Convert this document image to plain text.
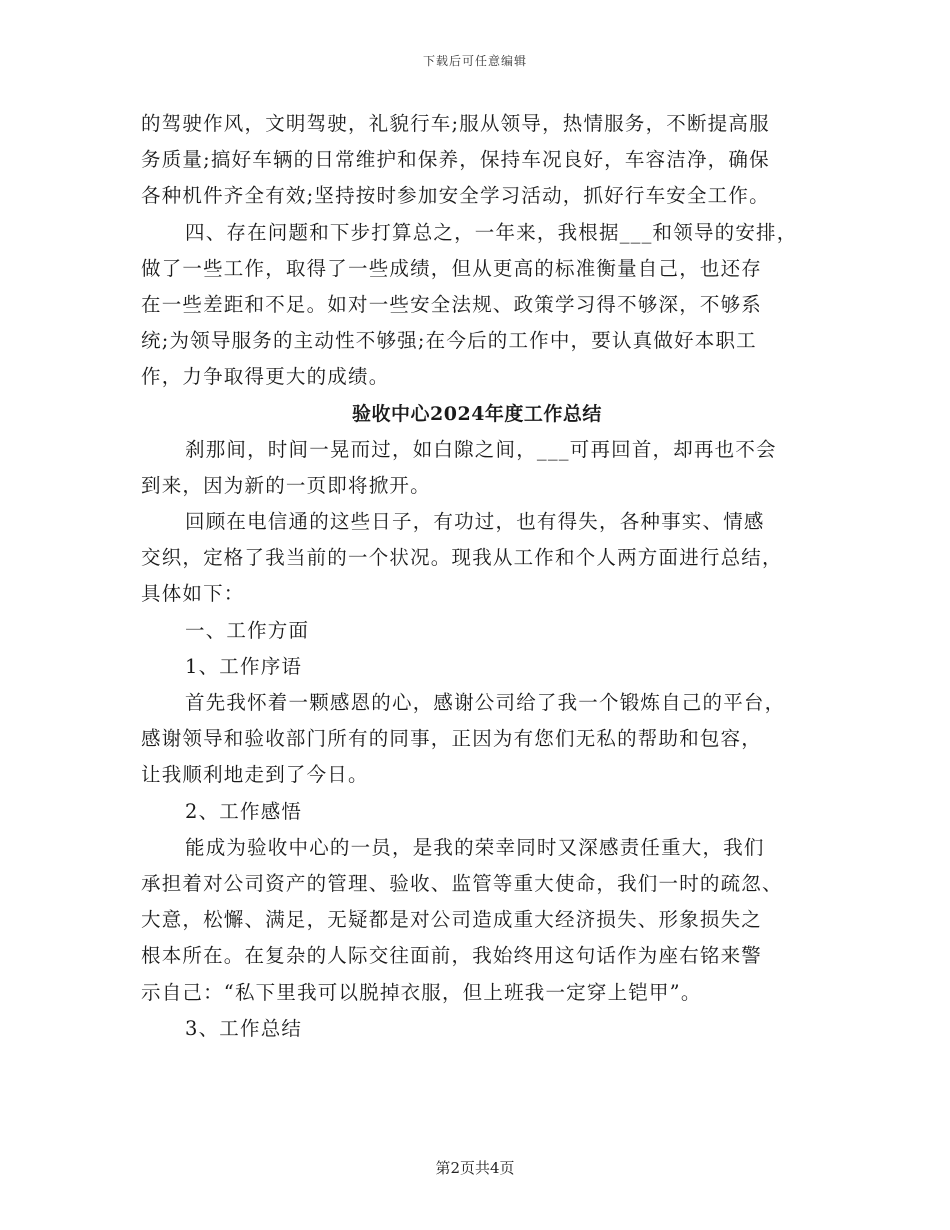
下载后可任意编辑
的驾驶作风，文明驾驶，礼貌行车;服从领导，热情服务，不断提高服
务质量;搞好车辆的日常维护和保养，保持车况良好，车容洁净，确保
各种机件齐全有效;坚持按时参加安全学习活动，抓好行车安全工作。
四、存在问题和下步打算总之，一年来，我根据___和领导的安排，
做了一些工作，取得了一些成绩，但从更高的标准衡量自己，也还存
在一些差距和不足。如对一些安全法规、政策学习得不够深，不够系
统;为领导服务的主动性不够强;在今后的工作中，要认真做好本职工
作，力争取得更大的成绩。
验收中心2024年度工作总结
刹那间，时间一晃而过，如白隙之间，___可再回首，却再也不会
到来，因为新的一页即将掀开。
回顾在电信通的这些日子，有功过，也有得失，各种事实、情感
交织，定格了我当前的一个状况。现我从工作和个人两方面进行总结，
具体如下：
一、工作方面
1、工作序语
首先我怀着一颗感恩的心，感谢公司给了我一个锻炼自己的平台，
感谢领导和验收部门所有的同事，正因为有您们无私的帮助和包容，
让我顺利地走到了今日。
2、工作感悟
能成为验收中心的一员，是我的荣幸同时又深感责任重大，我们
承担着对公司资产的管理、验收、监管等重大使命，我们一时的疏忽、
大意，松懈、满足，无疑都是对公司造成重大经济损失、形象损失之
根本所在。在复杂的人际交往面前，我始终用这句话作为座右铭来警
示自己：“私下里我可以脱掉衣服，但上班我一定穿上铠甲”。
3、工作总结
第2页共4页
